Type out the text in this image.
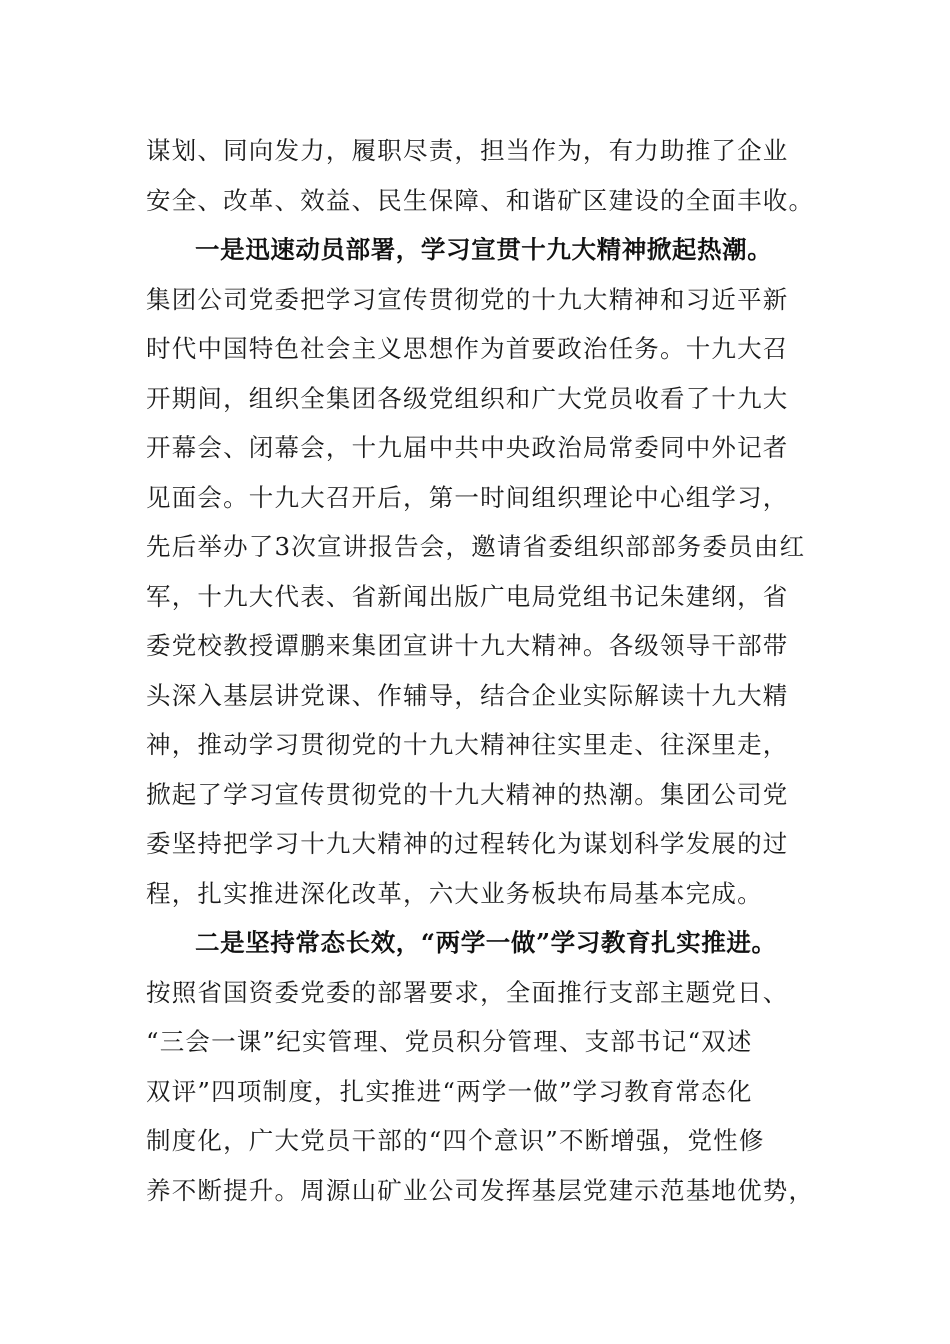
谋划、同向发力，履职尽责，担当作为，有力助推了企业
安全、改革、效益、民生保障、和谐矿区建设的全面丰收。
一是迅速动员部署，学习宣贯十九大精神掀起热潮。
集团公司党委把学习宣传贯彻党的十九大精神和习近平新
时代中国特色社会主义思想作为首要政治任务。十九大召
开期间，组织全集团各级党组织和广大党员收看了十九大
开幕会、闭幕会，十九届中共中央政治局常委同中外记者
见面会。十九大召开后，第一时间组织理论中心组学习，
先后举办了3次宣讲报告会，邀请省委组织部部务委员由红
军，十九大代表、省新闻出版广电局党组书记朱建纲，省
委党校教授谭鹏来集团宣讲十九大精神。各级领导干部带
头深入基层讲党课、作辅导，结合企业实际解读十九大精
神，推动学习贯彻党的十九大精神往实里走、往深里走，
掀起了学习宣传贯彻党的十九大精神的热潮。集团公司党
委坚持把学习十九大精神的过程转化为谋划科学发展的过
程，扎实推进深化改革，六大业务板块布局基本完成。
二是坚持常态长效，“两学一做”学习教育扎实推进。
按照省国资委党委的部署要求，全面推行支部主题党日、
“三会一课”纪实管理、党员积分管理、支部书记“双述
双评”四项制度，扎实推进“两学一做”学习教育常态化
制度化，广大党员干部的“四个意识”不断增强，党性修
养不断提升。周源山矿业公司发挥基层党建示范基地优势，
